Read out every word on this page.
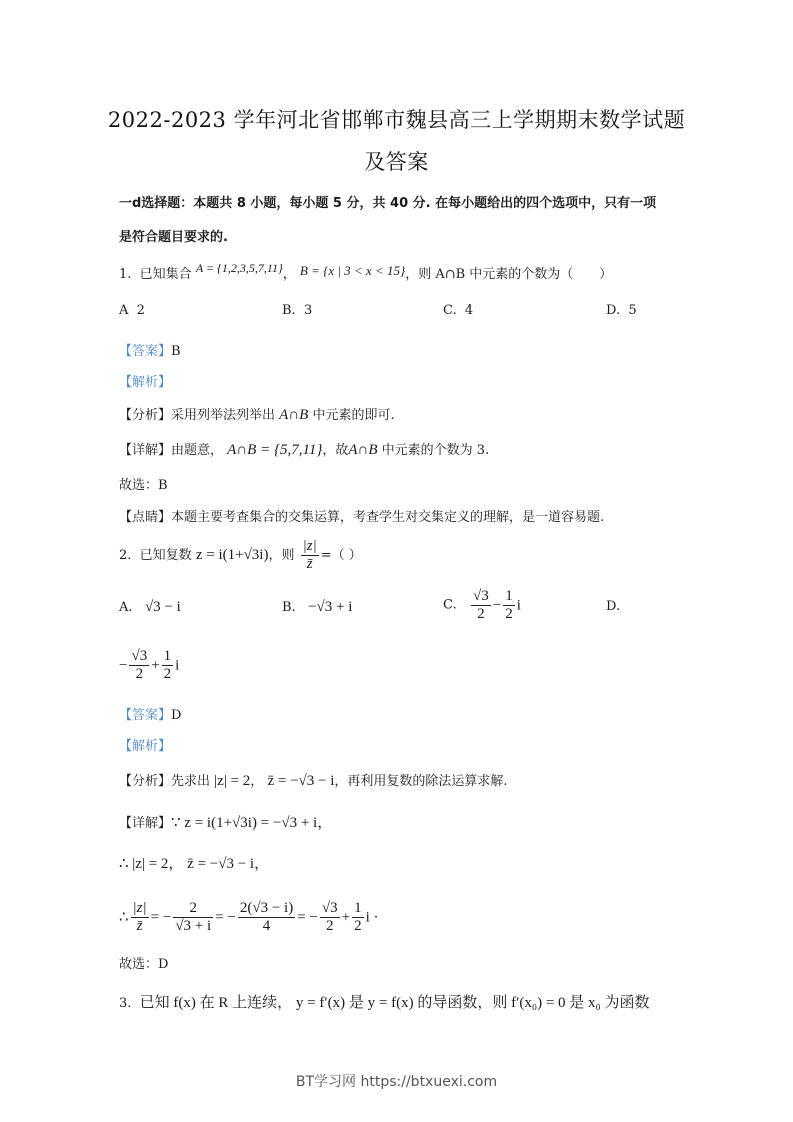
2022-2023 学年河北省邯郸市魏县高三上学期期末数学试题
及答案
一d选择题：本题共 8 小题，每小题 5 分，共 40 分. 在每小题给出的四个选项中，只有一项
是符合题目要求的.
1. 已知集合 A = {1,2,3,5,7,11}， B = {x | 3 < x < 15}，则 A∩B 中元素的个数为（　　）
A 2	B. 3	C. 4	D. 5
【答案】B
【解析】
【分析】采用列举法列举出 A∩B 中元素的即可.
【详解】由题意， A∩B = {5,7,11}，故A∩B 中元素的个数为 3.
故选：B
【点睛】本题主要考查集合的交集运算，考查学生对交集定义的理解，是一道容易题.
2. 已知复数 z = i(1+√3i)，则 $\frac{|z|}{z̄}$ =（ ）
A. √3 − i	B. −√3 + i	C. $\frac{√3}{2} - \frac{1}{2}$ i	D.
− $\frac{√3}{2} + \frac{1}{2}$ i
【答案】D
【解析】
【分析】先求出 |z| = 2， z̄ = −√3 − i，再利用复数的除法运算求解.
【详解】∵ z = i(1+√3i) = −√3 + i，
∴ |z| = 2， z̄ = −√3 − i，
∴ $\frac{|z|}{z̄}$ = − $\frac{2}{√3 + i}$ = − $\frac{2(√3 - i)}{4}$ = − $\frac{√3}{2} + \frac{1}{2}$ i ·
故选：D
3. 已知 f(x) 在 R 上连续， y = f′(x) 是 y = f(x) 的导函数，则 f′(x₀) = 0 是 x₀ 为函数
BT学习网 https://btxuexi.com
